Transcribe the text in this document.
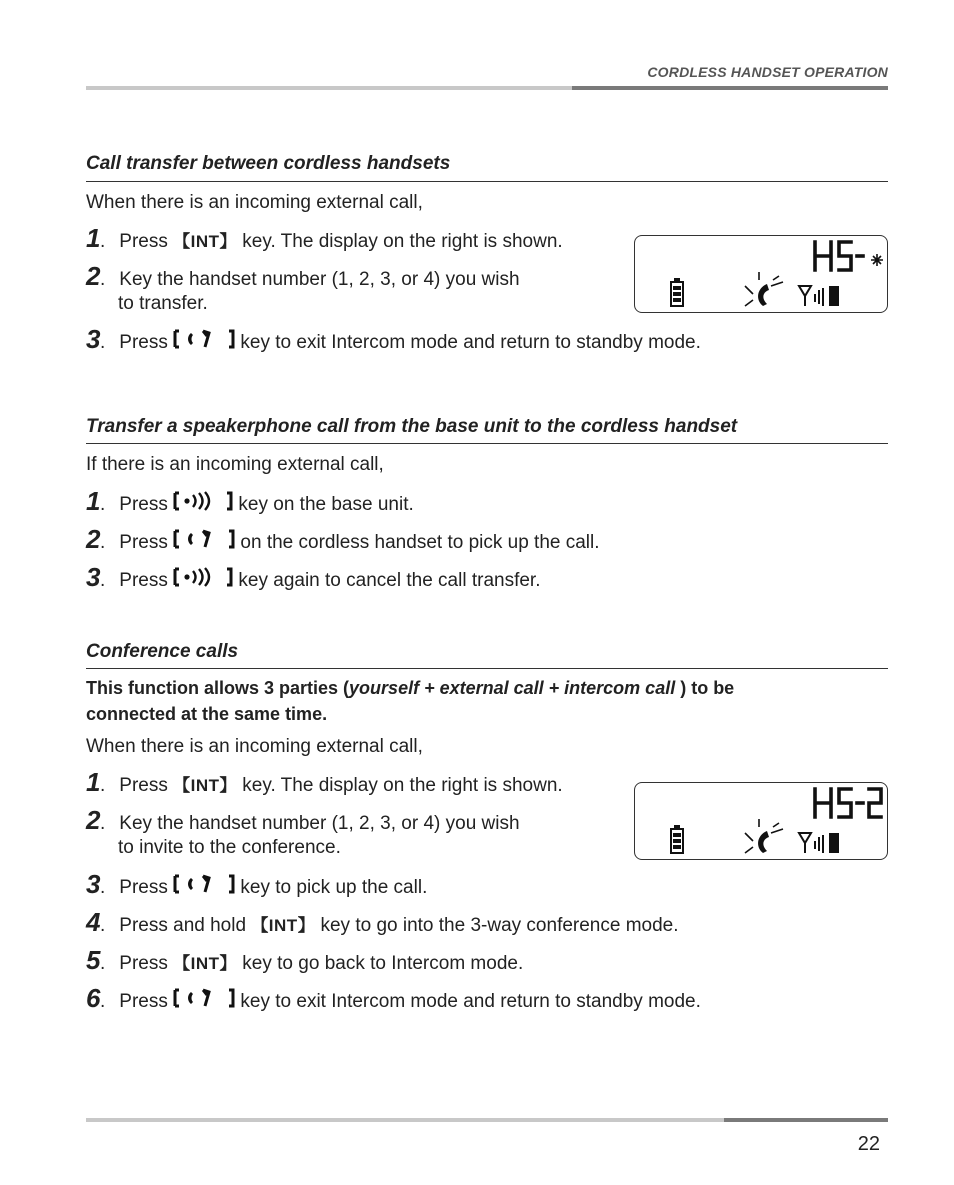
CORDLESS HANDSET OPERATION
Call transfer between cordless handsets
When there is an incoming external call,
1. Press 【INT】 key. The display on the right is shown.
2. Key the handset number (1, 2, 3, or 4) you wish
to transfer.
3. Press	key to exit Intercom mode and return to standby mode.
Transfer a speakerphone call from the base unit to the cordless handset
If there is an incoming external call,
1. Press	key on the base unit.
2. Press	on the cordless handset to pick up the call.
3. Press	key again to cancel the call transfer.
Conference calls
This function allows 3 parties (yourself + external call + intercom call ) to be
connected at the same time.
When there is an incoming external call,
1. Press 【INT】 key. The display on the right is shown.
2. Key the handset number (1, 2, 3, or 4) you wish
to invite to the conference.
3. Press	key to pick up the call.
4. Press and hold 【INT】 key to go into the 3-way conference mode.
5. Press 【INT】 key to go back to Intercom mode.
6. Press	key to exit Intercom mode and return to standby mode.
22
